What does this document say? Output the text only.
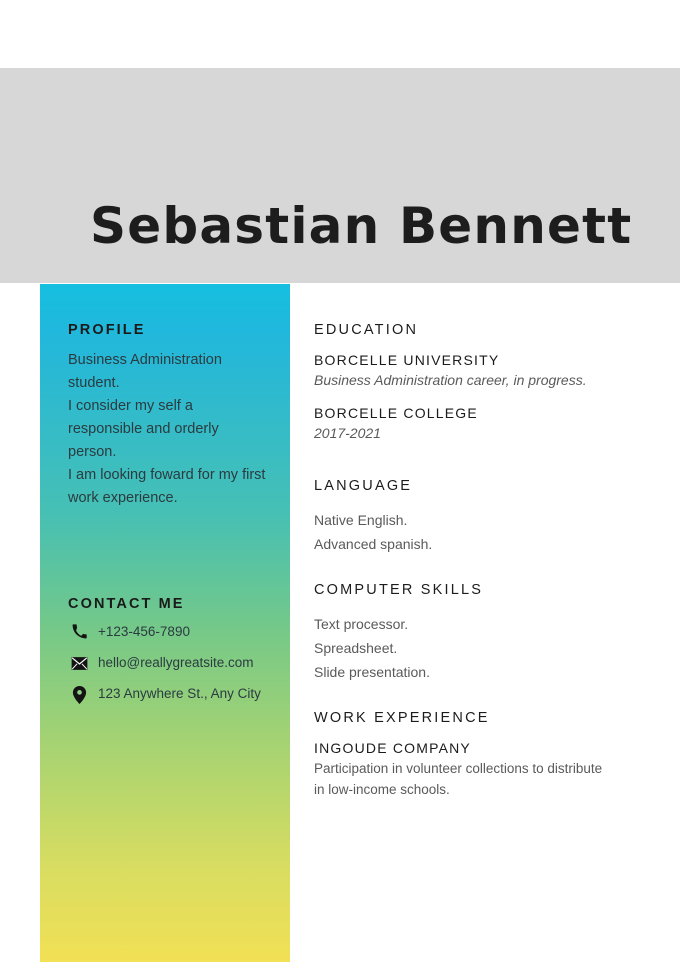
Sebastian Bennett
PROFILE
Business Administration student.
I consider my self a responsible and orderly person.
I am looking foward for my first work experience.
CONTACT ME
+123-456-7890
hello@reallygreatsite.com
123 Anywhere St., Any City
EDUCATION
BORCELLE UNIVERSITY
Business Administration career, in progress.
BORCELLE COLLEGE
2017-2021
LANGUAGE
Native English.
Advanced spanish.
COMPUTER SKILLS
Text processor.
Spreadsheet.
Slide presentation.
WORK EXPERIENCE
INGOUDE COMPANY
Participation in volunteer collections to distribute in low-income schools.
